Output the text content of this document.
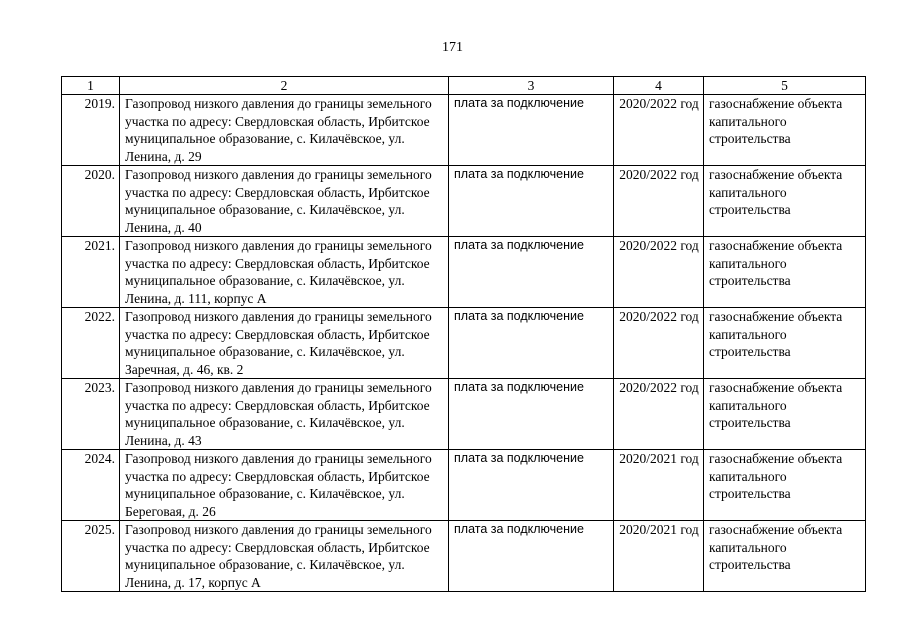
171
1	2	3	4	5
2019.	Газопровод низкого давления до границы земельного участка по адресу: Свердловская область, Ирбитское муниципальное образование, с. Килачёвское, ул. Ленина, д. 29	плата за подключение	2020/2022 год	газоснабжение объекта капитального строительства
2020.	Газопровод низкого давления до границы земельного участка по адресу: Свердловская область, Ирбитское муниципальное образование, с. Килачёвское, ул. Ленина, д. 40	плата за подключение	2020/2022 год	газоснабжение объекта капитального строительства
2021.	Газопровод низкого давления до границы земельного участка по адресу: Свердловская область, Ирбитское муниципальное образование, с. Килачёвское, ул. Ленина, д. 111, корпус А	плата за подключение	2020/2022 год	газоснабжение объекта капитального строительства
2022.	Газопровод низкого давления до границы земельного участка по адресу: Свердловская область, Ирбитское муниципальное образование, с. Килачёвское, ул. Заречная, д. 46, кв. 2	плата за подключение	2020/2022 год	газоснабжение объекта капитального строительства
2023.	Газопровод низкого давления до границы земельного участка по адресу: Свердловская область, Ирбитское муниципальное образование, с. Килачёвское, ул. Ленина, д. 43	плата за подключение	2020/2022 год	газоснабжение объекта капитального строительства
2024.	Газопровод низкого давления до границы земельного участка по адресу: Свердловская область, Ирбитское муниципальное образование, с. Килачёвское, ул. Береговая, д. 26	плата за подключение	2020/2021 год	газоснабжение объекта капитального строительства
2025.	Газопровод низкого давления до границы земельного участка по адресу: Свердловская область, Ирбитское муниципальное образование, с. Килачёвское, ул. Ленина, д. 17, корпус А	плата за подключение	2020/2021 год	газоснабжение объекта капитального строительства
